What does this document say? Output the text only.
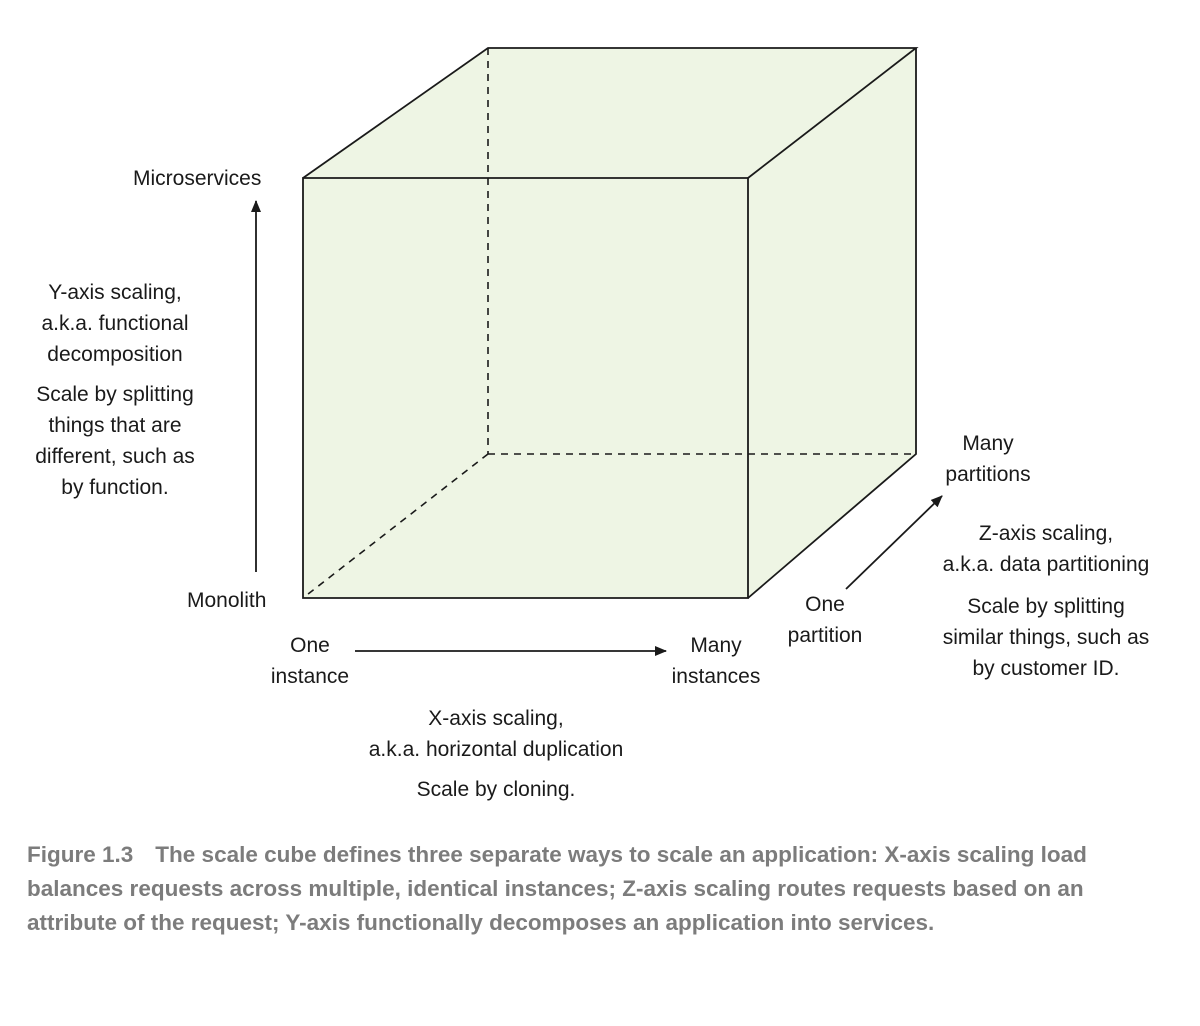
Microservices
Y-axis scaling,
a.k.a. functional
decomposition
Scale by splitting
things that are
different, such as
by function.
Monolith
One
instance
Many
instances
X-axis scaling,
a.k.a. horizontal duplication
Scale by cloning.
Many
partitions
Z-axis scaling,
a.k.a. data partitioning
One
partition
Scale by splitting
similar things, such as
by customer ID.
Figure 1.3 The scale cube defines three separate ways to scale an application: X-axis scaling load balances requests across multiple, identical instances; Z-axis scaling routes requests based on an attribute of the request; Y-axis functionally decomposes an application into services.
